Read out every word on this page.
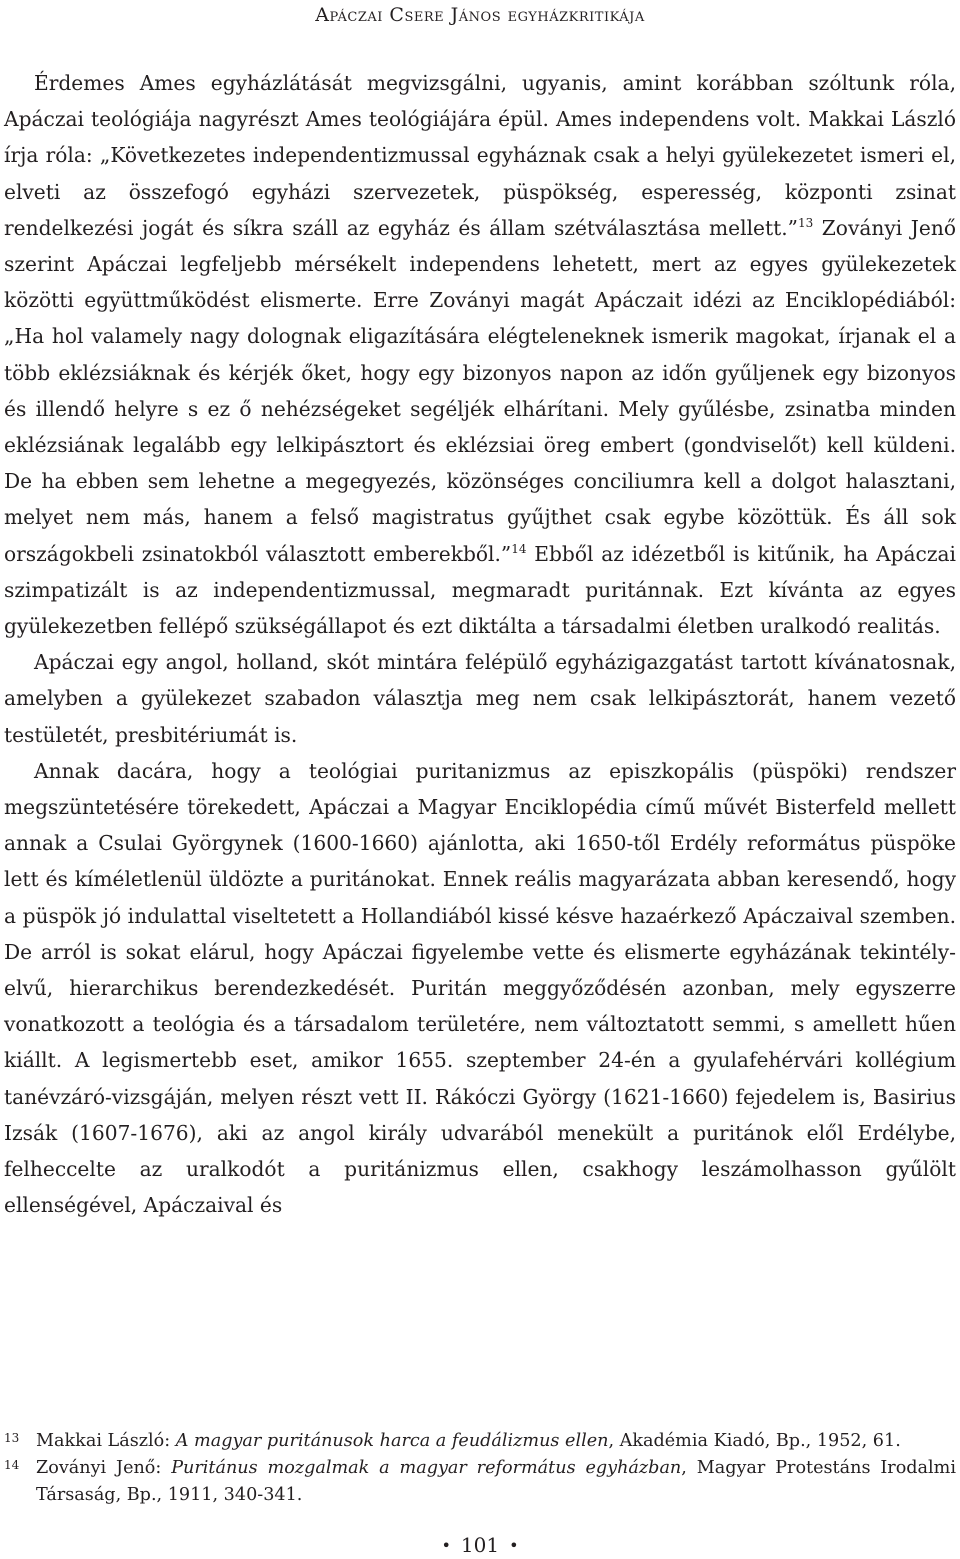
Apáczai Csere János egyházkritikája

Érdemes Ames egyházlátását megvizsgálni, ugyanis, amint korábban szóltunk róla, Apáczai teológiája nagyrészt Ames teológiájára épül. Ames independens volt. Makkai László írja róla: „Következetes independentizmussal egyháznak csak a helyi gyülekezetet ismeri el, elveti az összefogó egyházi szervezetek, püspökség, esperesség, központi zsinat rendelkezési jogát és síkra száll az egyház és állam szétválasztása mellett.”$^{13}$ Zoványi Jenő szerint Apáczai legfeljebb mérsékelt independens lehetett, mert az egyes gyülekezetek közötti együttműködést elismerte. Erre Zoványi magát Apáczait idézi az Enciklopédiából: „Ha hol valamely nagy dolognak eligazítására elégteleneknek ismerik magokat, írjanak el a több eklézsiáknak és kérjék őket, hogy egy bizonyos napon az időn gyűljenek egy bizonyos és illendő helyre s ez ő nehézségeket segéljék elhárítani. Mely gyűlésbe, zsinatba minden eklézsiának legalább egy lelkipásztort és eklézsiai öreg embert (gondviselőt) kell küldeni. De ha ebben sem lehetne a megegyezés, közönséges conciliumra kell a dolgot halasztani, melyet nem más, hanem a felső magistratus gyűjthet csak egybe közöttük. És áll sok országokbeli zsinatokból választott emberekből.”$^{14}$ Ebből az idézetből is kitűnik, ha Apáczai szimpatizált is az independentizmussal, megmaradt puritánnak. Ezt kívánta az egyes gyülekezetben fellépő szükségállapot és ezt diktálta a társadalmi életben uralkodó realitás.

Apáczai egy angol, holland, skót mintára felépülő egyházigazgatást tartott kívánatosnak, amelyben a gyülekezet szabadon választja meg nem csak lelkipásztorát, hanem vezető testületét, presbitériumát is.

Annak dacára, hogy a teológiai puritanizmus az episzkopális (püspöki) rendszer megszüntetésére törekedett, Apáczai a Magyar Enciklopédia című művét Bisterfeld mellett annak a Csulai Györgynek (1600-1660) ajánlotta, aki 1650-től Erdély református püspöke lett és kíméletlenül üldözte a puritánokat. Ennek reális magyarázata abban keresendő, hogy a püspök jó indulattal viseltetett a Hollandiából kissé késve hazaérkező Apáczaival szemben. De arról is sokat elárul, hogy Apáczai figyelembe vette és elismerte egyházának tekintély-elvű, hierarchikus berendezkedését. Puritán meggyőződésén azonban, mely egyszerre vonatkozott a teológia és a társadalom területére, nem változtatott semmi, s amellett hűen kiállt. A legismertebb eset, amikor 1655. szeptember 24-én a gyulafehérvári kollégium tanévzáró-vizsgáján, melyen részt vett II. Rákóczi György (1621-1660) fejedelem is, Basirius Izsák (1607-1676), aki az angol király udvarából menekült a puritánok elől Erdélybe, felheccelte az uralkodót a puritánizmus ellen, csakhogy leszámolhasson gyűlölt ellenségével, Apáczaival és

13 Makkai László: A magyar puritánusok harca a feudálizmus ellen, Akadémia Kiadó, Bp., 1952, 61.
14 Zoványi Jenő: Puritánus mozgalmak a magyar református egyházban, Magyar Protestáns Irodalmi Társaság, Bp., 1911, 340-341.
• 101 •
